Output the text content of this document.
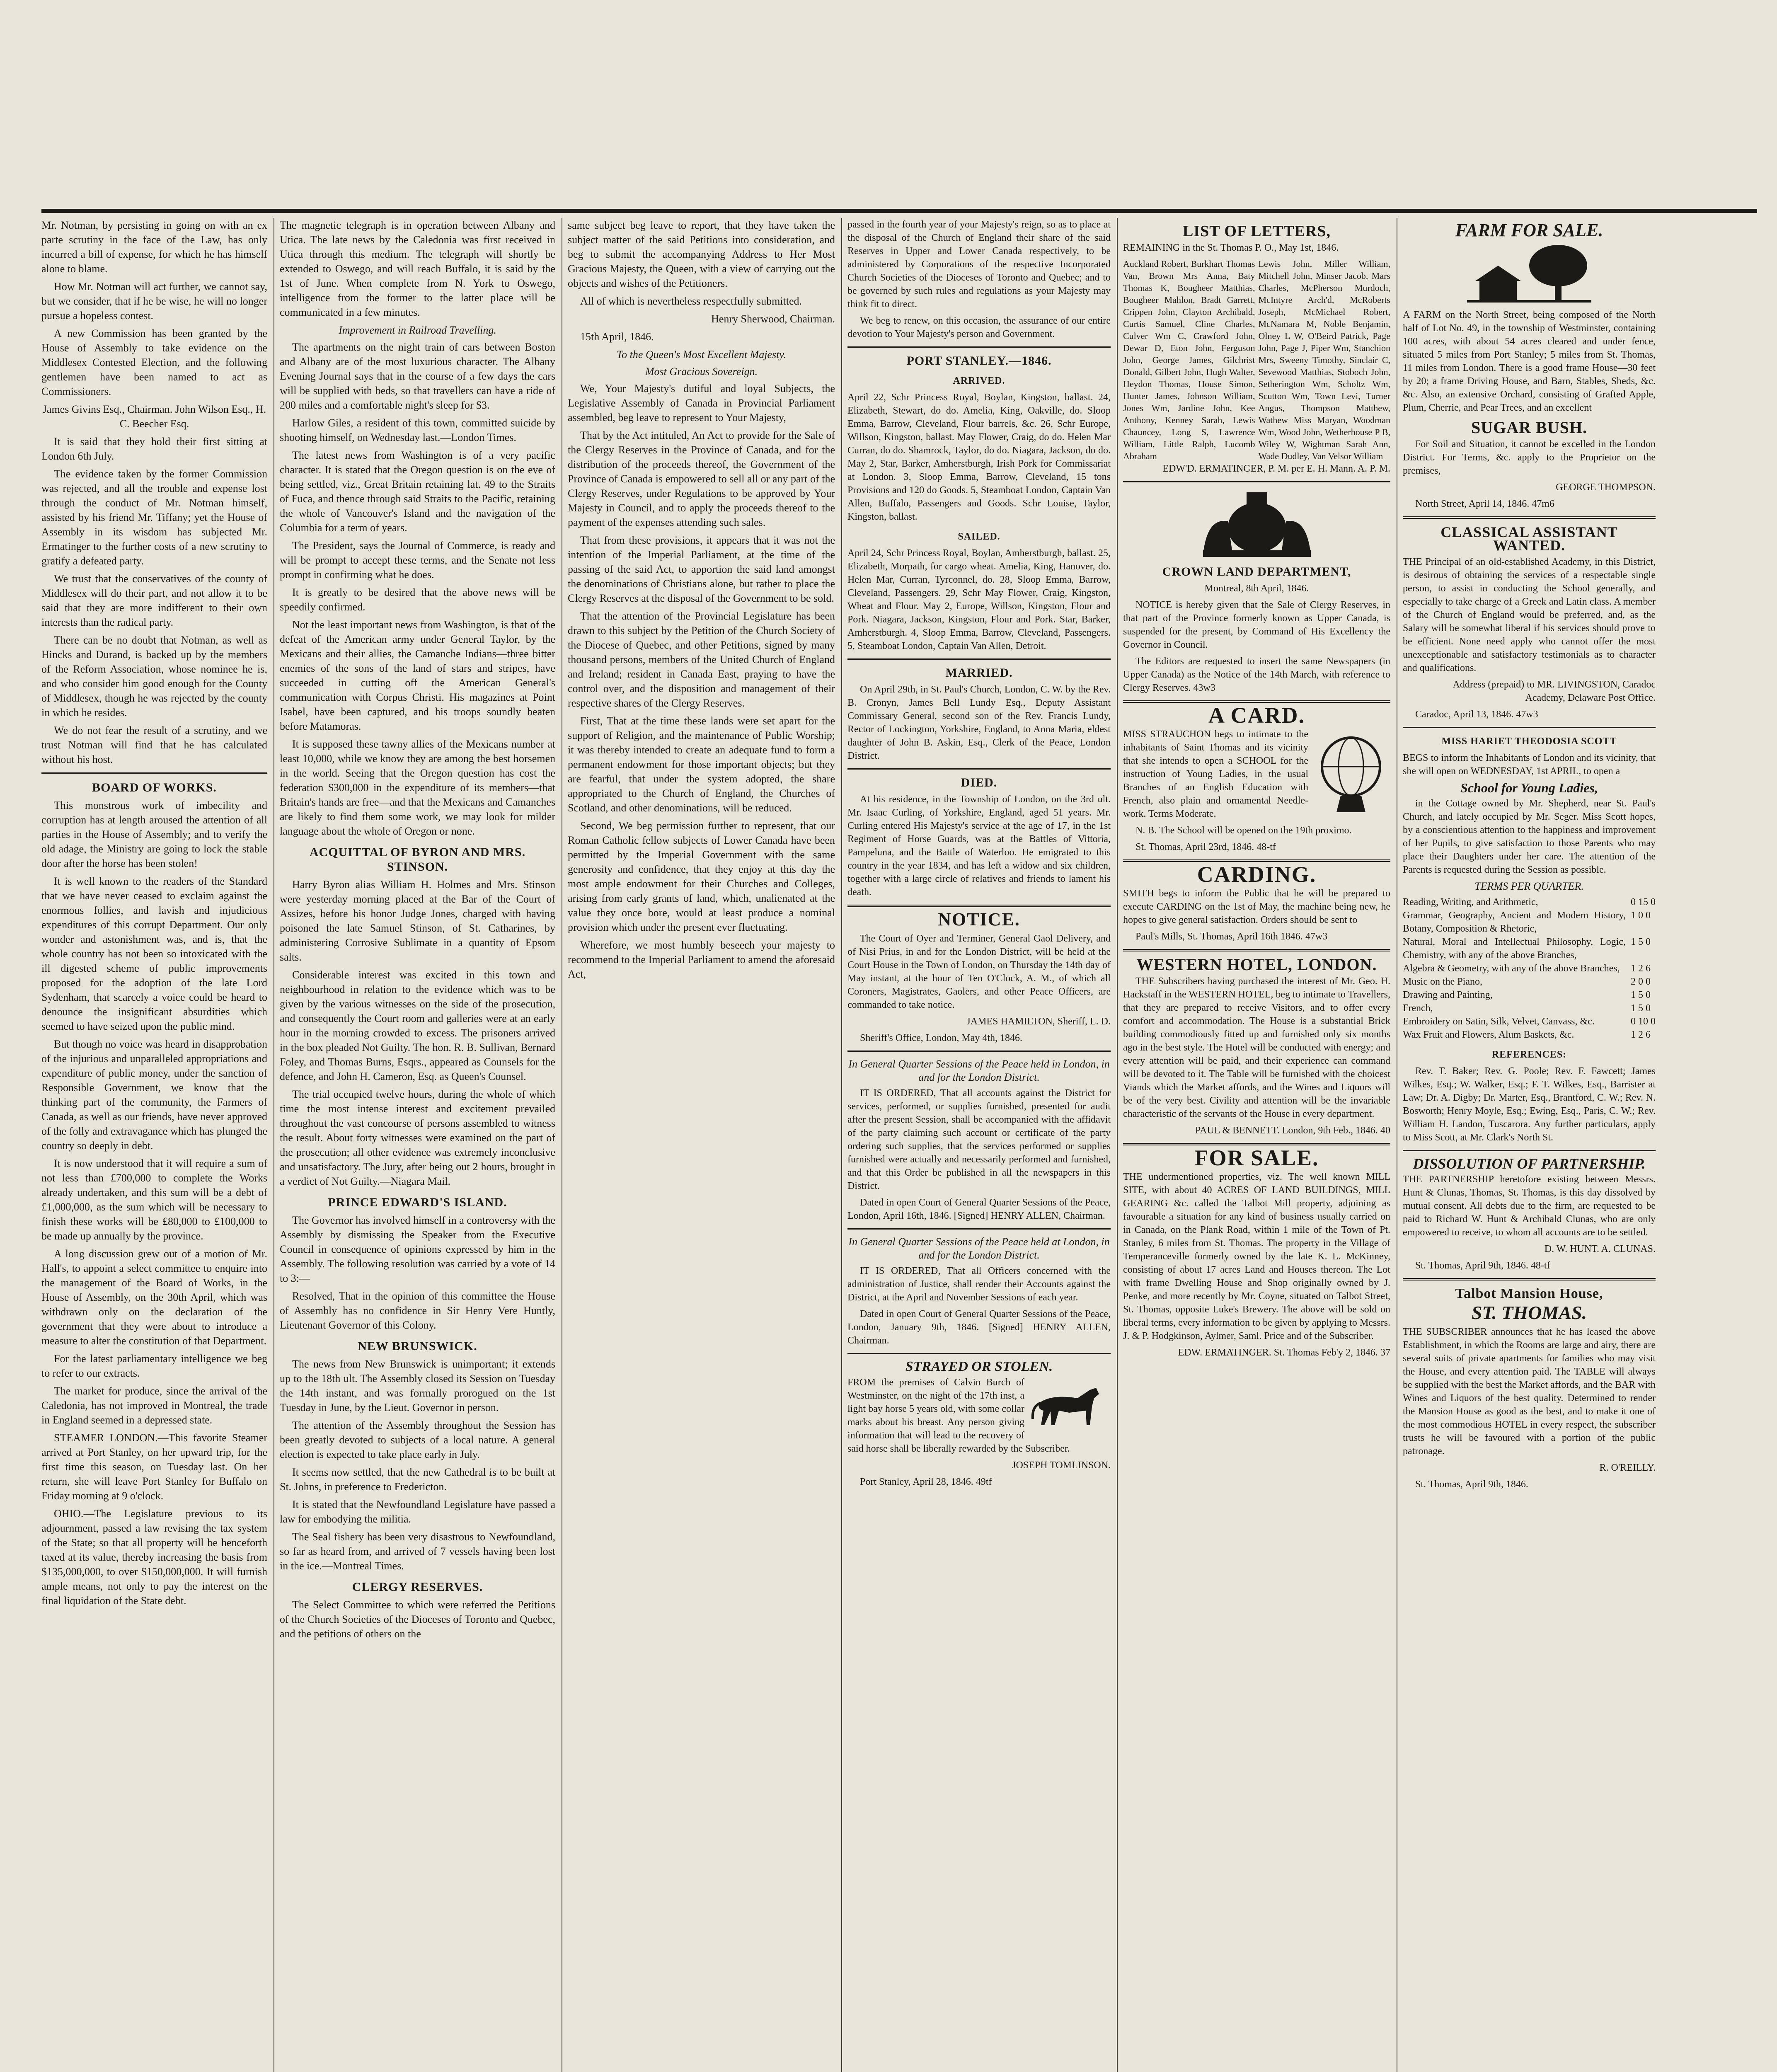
Mr. Notman, by persisting in going on with an ex parte scrutiny in the face of the Law, has only incurred a bill of expense, for which he has himself alone to blame.

How Mr. Notman will act further, we cannot say, but we consider, that if he be wise, he will no longer pursue a hopeless contest.

A new Commission has been granted by the House of Assembly to take evidence on the Middlesex Contested Election, and the following gentlemen have been named to act as Commissioners.

James Givins Esq., Chairman. John Wilson Esq., H. C. Beecher Esq.

It is said that they hold their first sitting at London 6th July.

The evidence taken by the former Commission was rejected, and all the trouble and expense lost through the conduct of Mr. Notman himself, assisted by his friend Mr. Tiffany; yet the House of Assembly in its wisdom has subjected Mr. Ermatinger to the further costs of a new scrutiny to gratify a defeated party.

We trust that the conservatives of the county of Middlesex will do their part, and not allow it to be said that they are more indifferent to their own interests than the radical party.

There can be no doubt that Notman, as well as Hincks and Durand, is backed up by the members of the Reform Association, whose nominee he is, and who consider him good enough for the County of Middlesex, though he was rejected by the county in which he resides.

We do not fear the result of a scrutiny, and we trust Notman will find that he has calculated without his host.

BOARD OF WORKS.

This monstrous work of imbecility and corruption has at length aroused the attention of all parties in the House of Assembly; and to verify the old adage, the Ministry are going to lock the stable door after the horse has been stolen!

It is well known to the readers of the Standard that we have never ceased to exclaim against the enormous follies, and lavish and injudicious expenditures of this corrupt Department. Our only wonder and astonishment was, and is, that the whole country has not been so intoxicated with the ill digested scheme of public improvements proposed for the adoption of the late Lord Sydenham, that scarcely a voice could be heard to denounce the insignificant absurdities which seemed to have seized upon the public mind.

But though no voice was heard in disapprobation of the injurious and unparalleled appropriations and expenditure of public money, under the sanction of Responsible Government, we know that the thinking part of the community, the Farmers of Canada, as well as our friends, have never approved of the folly and extravagance which has plunged the country so deeply in debt.

It is now understood that it will require a sum of not less than £700,000 to complete the Works already undertaken, and this sum will be a debt of £1,000,000, as the sum which will be necessary to finish these works will be £80,000 to £100,000 to be made up annually by the province.

A long discussion grew out of a motion of Mr. Hall's, to appoint a select committee to enquire into the management of the Board of Works, in the House of Assembly, on the 30th April, which was withdrawn only on the declaration of the government that they were about to introduce a measure to alter the constitution of that Department.

For the latest parliamentary intelligence we beg to refer to our extracts.

The market for produce, since the arrival of the Caledonia, has not improved in Montreal, the trade in England seemed in a depressed state.

STEAMER LONDON.—This favorite Steamer arrived at Port Stanley, on her upward trip, for the first time this season, on Tuesday last. On her return, she will leave Port Stanley for Buffalo on Friday morning at 9 o'clock.

OHIO.—The Legislature previous to its adjournment, passed a law revising the tax system of the State; so that all property will be henceforth taxed at its value, thereby increasing the basis from $135,000,000, to over $150,000,000. It will furnish ample means, not only to pay the interest on the final liquidation of the State debt.

The magnetic telegraph is in operation between Albany and Utica. The late news by the Caledonia was first received in Utica through this medium. The telegraph will shortly be extended to Oswego, and will reach Buffalo, it is said by the 1st of June. When complete from N. York to Oswego, intelligence from the former to the latter place will be communicated in a few minutes.

Improvement in Railroad Travelling.

The apartments on the night train of cars between Boston and Albany are of the most luxurious character. The Albany Evening Journal says that in the course of a few days the cars will be supplied with beds, so that travellers can have a ride of 200 miles and a comfortable night's sleep for $3.

Harlow Giles, a resident of this town, committed suicide by shooting himself, on Wednesday last.—London Times.

The latest news from Washington is of a very pacific character. It is stated that the Oregon question is on the eve of being settled, viz., Great Britain retaining lat. 49 to the Straits of Fuca, and thence through said Straits to the Pacific, retaining the whole of Vancouver's Island and the navigation of the Columbia for a term of years.

The President, says the Journal of Commerce, is ready and will be prompt to accept these terms, and the Senate not less prompt in confirming what he does.

It is greatly to be desired that the above news will be speedily confirmed.

Not the least important news from Washington, is that of the defeat of the American army under General Taylor, by the Mexicans and their allies, the Camanche Indians—three bitter enemies of the sons of the land of stars and stripes, have succeeded in cutting off the American General's communication with Corpus Christi. His magazines at Point Isabel, have been captured, and his troops soundly beaten before Matamoras.

It is supposed these tawny allies of the Mexicans number at least 10,000, while we know they are among the best horsemen in the world. Seeing that the Oregon question has cost the federation $300,000 in the expenditure of its members—that Britain's hands are free—and that the Mexicans and Camanches are likely to find them some work, we may look for milder language about the whole of Oregon or none.

ACQUITTAL OF BYRON AND MRS. STINSON.

Harry Byron alias William H. Holmes and Mrs. Stinson were yesterday morning placed at the Bar of the Court of Assizes, before his honor Judge Jones, charged with having poisoned the late Samuel Stinson, of St. Catharines, by administering Corrosive Sublimate in a quantity of Epsom salts.

Considerable interest was excited in this town and neighbourhood in relation to the evidence which was to be given by the various witnesses on the side of the prosecution, and consequently the Court room and galleries were at an early hour in the morning crowded to excess. The prisoners arrived in the box pleaded Not Guilty. The hon. R. B. Sullivan, Bernard Foley, and Thomas Burns, Esqrs., appeared as Counsels for the defence, and John H. Cameron, Esq. as Queen's Counsel.

The trial occupied twelve hours, during the whole of which time the most intense interest and excitement prevailed throughout the vast concourse of persons assembled to witness the result. About forty witnesses were examined on the part of the prosecution; all other evidence was extremely inconclusive and unsatisfactory. The Jury, after being out 2 hours, brought in a verdict of Not Guilty.—Niagara Mail.

PRINCE EDWARD'S ISLAND.

The Governor has involved himself in a controversy with the Assembly by dismissing the Speaker from the Executive Council in consequence of opinions expressed by him in the Assembly. The following resolution was carried by a vote of 14 to 3:—

Resolved, That in the opinion of this committee the House of Assembly has no confidence in Sir Henry Vere Huntly, Lieutenant Governor of this Colony.

NEW BRUNSWICK.

The news from New Brunswick is unimportant; it extends up to the 18th ult. The Assembly closed its Session on Tuesday the 14th instant, and was formally prorogued on the 1st Tuesday in June, by the Lieut. Governor in person.

The attention of the Assembly throughout the Session has been greatly devoted to subjects of a local nature. A general election is expected to take place early in July.

It seems now settled, that the new Cathedral is to be built at St. Johns, in preference to Fredericton.

It is stated that the Newfoundland Legislature have passed a law for embodying the militia.

The Seal fishery has been very disastrous to Newfoundland, so far as heard from, and arrived of 7 vessels having been lost in the ice.—Montreal Times.

CLERGY RESERVES.

The Select Committee to which were referred the Petitions of the Church Societies of the Dioceses of Toronto and Quebec, and the petitions of others on the

same subject beg leave to report, that they have taken the subject matter of the said Petitions into consideration, and beg to submit the accompanying Address to Her Most Gracious Majesty, the Queen, with a view of carrying out the objects and wishes of the Petitioners.

All of which is nevertheless respectfully submitted.

Henry Sherwood, Chairman.

15th April, 1846.

To the Queen's Most Excellent Majesty.
Most Gracious Sovereign.

We, Your Majesty's dutiful and loyal Subjects, the Legislative Assembly of Canada in Provincial Parliament assembled, beg leave to represent to Your Majesty,

That by the Act intituled, An Act to provide for the Sale of the Clergy Reserves in the Province of Canada, and for the distribution of the proceeds thereof, the Government of the Province of Canada is empowered to sell all or any part of the Clergy Reserves, under Regulations to be approved by Your Majesty in Council, and to apply the proceeds thereof to the payment of the expenses attending such sales.

That from these provisions, it appears that it was not the intention of the Imperial Parliament, at the time of the passing of the said Act, to apportion the said land amongst the denominations of Christians alone, but rather to place the Clergy Reserves at the disposal of the Government to be sold.

That the attention of the Provincial Legislature has been drawn to this subject by the Petition of the Church Society of the Diocese of Quebec, and other Petitions, signed by many thousand persons, members of the United Church of England and Ireland; resident in Canada East, praying to have the control over, and the disposition and management of their respective shares of the Clergy Reserves.

First, That at the time these lands were set apart for the support of Religion, and the maintenance of Public Worship; it was thereby intended to create an adequate fund to form a permanent endowment for those important objects; but they are fearful, that under the system adopted, the share appropriated to the Church of England, the Churches of Scotland, and other denominations, will be reduced.

Second, We beg permission further to represent, that our Roman Catholic fellow subjects of Lower Canada have been permitted by the Imperial Government with the same generosity and confidence, that they enjoy at this day the most ample endowment for their Churches and Colleges, arising from early grants of land, which, unalienated at the value they once bore, would at least produce a nominal provision which under the present ever fluctuating.

Wherefore, we most humbly beseech your majesty to recommend to the Imperial Parliament to amend the aforesaid Act,

passed in the fourth year of your Majesty's reign, so as to place at the disposal of the Church of England their share of the said Reserves in Upper and Lower Canada respectively, to be administered by Corporations of the respective Incorporated Church Societies of the Dioceses of Toronto and Quebec; and to be governed by such rules and regulations as your Majesty may think fit to direct.

We beg to renew, on this occasion, the assurance of our entire devotion to Your Majesty's person and Government.

PORT STANLEY.—1846.
ARRIVED.

April 22, Schr Princess Royal, Boylan, Kingston, ballast. 24, Elizabeth, Stewart, do do. Amelia, King, Oakville, do. Sloop Emma, Barrow, Cleveland, Flour barrels, &c. 26, Schr Europe, Willson, Kingston, ballast. May Flower, Craig, do do. Helen Mar Curran, do do. Shamrock, Taylor, do do. Niagara, Jackson, do do. May 2, Star, Barker, Amherstburgh, Irish Pork for Commissariat at London. 3, Sloop Emma, Barrow, Cleveland, 15 tons Provisions and 120 do Goods. 5, Steamboat London, Captain Van Allen, Buffalo, Passengers and Goods. Schr Louise, Taylor, Kingston, ballast.

SAILED.

April 24, Schr Princess Royal, Boylan, Amherstburgh, ballast. 25, Elizabeth, Morpath, for cargo wheat. Amelia, King, Hanover, do. Helen Mar, Curran, Tyrconnel, do. 28, Sloop Emma, Barrow, Cleveland, Passengers. 29, Schr May Flower, Craig, Kingston, Wheat and Flour. May 2, Europe, Willson, Kingston, Flour and Pork. Niagara, Jackson, Kingston, Flour and Pork. Star, Barker, Amherstburgh. 4, Sloop Emma, Barrow, Cleveland, Passengers. 5, Steamboat London, Captain Van Allen, Detroit.

MARRIED.

On April 29th, in St. Paul's Church, London, C. W. by the Rev. B. Cronyn, James Bell Lundy Esq., Deputy Assistant Commissary General, second son of the Rev. Francis Lundy, Rector of Lockington, Yorkshire, England, to Anna Maria, eldest daughter of John B. Askin, Esq., Clerk of the Peace, London District.

DIED.

At his residence, in the Township of London, on the 3rd ult. Mr. Isaac Curling, of Yorkshire, England, aged 51 years. Mr. Curling entered His Majesty's service at the age of 17, in the 1st Regiment of Horse Guards, was at the Battles of Vittoria, Pampeluna, and the Battle of Waterloo. He emigrated to this country in the year 1834, and has left a widow and six children, together with a large circle of relatives and friends to lament his death.

NOTICE.

The Court of Oyer and Terminer, General Gaol Delivery, and of Nisi Prius, in and for the London District, will be held at the Court House in the Town of London, on Thursday the 14th day of May instant, at the hour of Ten O'Clock, A. M., of which all Coroners, Magistrates, Gaolers, and other Peace Officers, are commanded to take notice.

JAMES HAMILTON, Sheriff, L. D.

Sheriff's Office, London, May 4th, 1846.

In General Quarter Sessions of the Peace held in London, in and for the London District.

IT IS ORDERED, That all accounts against the District for services, performed, or supplies furnished, presented for audit after the present Session, shall be accompanied with the affidavit of the party claiming such account or certificate of the party ordering such supplies, that the services performed or supplies furnished were actually and necessarily performed and furnished, and that this Order be published in all the newspapers in this District.

Dated in open Court of General Quarter Sessions of the Peace, London, April 16th, 1846. [Signed] HENRY ALLEN, Chairman.

In General Quarter Sessions of the Peace held at London, in and for the London District.

IT IS ORDERED, That all Officers concerned with the administration of Justice, shall render their Accounts against the District, at the April and November Sessions of each year.

Dated in open Court of General Quarter Sessions of the Peace, London, January 9th, 1846. [Signed] HENRY ALLEN, Chairman.

STRAYED OR STOLEN.

FROM the premises of Calvin Burch of Westminster, on the night of the 17th inst, a light bay horse 5 years old, with some collar marks about his breast. Any person giving information that will lead to the recovery of said horse shall be liberally rewarded by the Subscriber.

JOSEPH TOMLINSON.

Port Stanley, April 28, 1846. 49tf

LIST OF LETTERS,

REMAINING in the St. Thomas P. O., May 1st, 1846.

Auckland Robert, Burkhart Thomas Van, Brown Mrs Anna, Baty Thomas K, Bougheer Matthias, Bougheer Mahlon, Bradt Garrett, Crippen John, Clayton Archibald, Curtis Samuel, Cline Charles, Culver Wm C, Crawford John, Dewar D, Eton John, Ferguson John, George James, Gilchrist Donald, Gilbert John, Hugh Walter, Heydon Thomas, House Simon, Hunter James, Johnson William, Jones Wm, Jardine John, Kee Anthony, Kenney Sarah, Lewis Chauncey, Long S, Lawrence William, Little Ralph, Lucomb Abraham
Lewis John, Miller William, Mitchell John, Minser Jacob, Mars Charles, McPherson Murdoch, McIntyre Arch'd, McRoberts Joseph, McMichael Robert, McNamara M, Noble Benjamin, Olney L W, O'Beird Patrick, Page John, Page J, Piper Wm, Stanchion Mrs, Sweeny Timothy, Sinclair C, Sevewood Matthias, Stoboch John, Setherington Wm, Scholtz Wm, Scutton Wm, Town Levi, Turner Angus, Thompson Matthew, Wathew Miss Maryan, Woodman Wm, Wood John, Wetherhouse P B, Wiley W, Wightman Sarah Ann, Wade Dudley, Van Velsor William

EDW'D. ERMATINGER, P. M. per E. H. Mann. A. P. M.

CROWN LAND DEPARTMENT,

Montreal, 8th April, 1846.

NOTICE is hereby given that the Sale of Clergy Reserves, in that part of the Province formerly known as Upper Canada, is suspended for the present, by Command of His Excellency the Governor in Council.

The Editors are requested to insert the same Newspapers (in Upper Canada) as the Notice of the 14th March, with reference to Clergy Reserves. 43w3

A CARD.

MISS STRAUCHON begs to intimate to the inhabitants of Saint Thomas and its vicinity that she intends to open a SCHOOL for the instruction of Young Ladies, in the usual Branches of an English Education with French, also plain and ornamental Needle-work. Terms Moderate.

N. B. The School will be opened on the 19th proximo.

St. Thomas, April 23rd, 1846. 48-tf

CARDING.

SMITH begs to inform the Public that he will be prepared to execute CARDING on the 1st of May, the machine being new, he hopes to give general satisfaction. Orders should be sent to

Paul's Mills, St. Thomas, April 16th 1846. 47w3

WESTERN HOTEL, LONDON.

THE Subscribers having purchased the interest of Mr. Geo. H. Hackstaff in the WESTERN HOTEL, beg to intimate to Travellers, that they are prepared to receive Visitors, and to offer every comfort and accommodation. The House is a substantial Brick building commodiously fitted up and furnished only six months ago in the best style. The Hotel will be conducted with energy; and every attention will be paid, and their experience can command will be devoted to it. The Table will be furnished with the choicest Viands which the Market affords, and the Wines and Liquors will be of the very best. Civility and attention will be the invariable characteristic of the servants of the House in every department.

PAUL & BENNETT. London, 9th Feb., 1846. 40

FOR SALE.

THE undermentioned properties, viz. The well known MILL SITE, with about 40 ACRES OF LAND BUILDINGS, MILL GEARING &c. called the Talbot Mill property, adjoining as favourable a situation for any kind of business usually carried on in Canada, on the Plank Road, within 1 mile of the Town of Pt. Stanley, 6 miles from St. Thomas. The property in the Village of Temperanceville formerly owned by the late K. L. McKinney, consisting of about 17 acres Land and Houses thereon. The Lot with frame Dwelling House and Shop originally owned by J. Penke, and more recently by Mr. Coyne, situated on Talbot Street, St. Thomas, opposite Luke's Brewery. The above will be sold on liberal terms, every information to be given by applying to Messrs. J. & P. Hodgkinson, Aylmer, Saml. Price and of the Subscriber.

EDW. ERMATINGER. St. Thomas Feb'y 2, 1846. 37

FARM FOR SALE.

A FARM on the North Street, being composed of the North half of Lot No. 49, in the township of Westminster, containing 100 acres, with about 54 acres cleared and under fence, situated 5 miles from Port Stanley; 5 miles from St. Thomas, 11 miles from London. There is a good frame House—30 feet by 20; a frame Driving House, and Barn, Stables, Sheds, &c. &c. Also, an extensive Orchard, consisting of Grafted Apple, Plum, Cherrie, and Pear Trees, and an excellent

SUGAR BUSH.

For Soil and Situation, it cannot be excelled in the London District. For Terms, &c. apply to the Proprietor on the premises,

GEORGE THOMPSON.

North Street, April 14, 1846. 47m6

CLASSICAL ASSISTANT WANTED.

THE Principal of an old-established Academy, in this District, is desirous of obtaining the services of a respectable single person, to assist in conducting the School generally, and especially to take charge of a Greek and Latin class. A member of the Church of England would be preferred, and, as the Salary will be somewhat liberal if his services should prove to be efficient. None need apply who cannot offer the most unexceptionable and satisfactory testimonials as to character and qualifications.

Address (prepaid) to MR. LIVINGSTON, Caradoc Academy, Delaware Post Office.

Caradoc, April 13, 1846. 47w3

MISS HARIET THEODOSIA SCOTT

BEGS to inform the Inhabitants of London and its vicinity, that she will open on WEDNESDAY, 1st APRIL, to open a

School for Young Ladies,

in the Cottage owned by Mr. Shepherd, near St. Paul's Church, and lately occupied by Mr. Seger. Miss Scott hopes, by a conscientious attention to the happiness and improvement of her Pupils, to give satisfaction to those Parents who may place their Daughters under her care. The attention of the Parents is requested during the Session as possible.

TERMS PER QUARTER.
Reading, Writing, and Arithmetic,	0 15 0
Grammar, Geography, Ancient and Modern History, Botany, Composition & Rhetoric,
1 0 0
Natural, Moral and Intellectual Philosophy, Logic, Chemistry, with any of the above Branches,
1 5 0
Algebra & Geometry, with any of the above Branches,	1 2 6
Music on the Piano,	2 0 0
Drawing and Painting,	1 5 0
French,	1 5 0
Embroidery on Satin, Silk, Velvet, Canvass, &c.	0 10 0
Wax Fruit and Flowers, Alum Baskets, &c.	1 2 6
REFERENCES:

Rev. T. Baker; Rev. G. Poole; Rev. F. Fawcett; James Wilkes, Esq.; W. Walker, Esq.; F. T. Wilkes, Esq., Barrister at Law; Dr. A. Digby; Dr. Marter, Esq., Brantford, C. W.; Rev. N. Bosworth; Henry Moyle, Esq.; Ewing, Esq., Paris, C. W.; Rev. William H. Landon, Tuscarora. Any further particulars, apply to Miss Scott, at Mr. Clark's North St.

DISSOLUTION OF PARTNERSHIP.

THE PARTNERSHIP heretofore existing between Messrs. Hunt & Clunas, Thomas, St. Thomas, is this day dissolved by mutual consent. All debts due to the firm, are requested to be paid to Richard W. Hunt & Archibald Clunas, who are only empowered to receive, to whom all accounts are to be settled.

D. W. HUNT. A. CLUNAS.

St. Thomas, April 9th, 1846. 48-tf

Talbot Mansion House,
ST. THOMAS.

THE SUBSCRIBER announces that he has leased the above Establishment, in which the Rooms are large and airy, there are several suits of private apartments for families who may visit the House, and every attention paid. The TABLE will always be supplied with the best the Market affords, and the BAR with Wines and Liquors of the best quality. Determined to render the Mansion House as good as the best, and to make it one of the most commodious HOTEL in every respect, the subscriber trusts he will be favoured with a portion of the public patronage.

R. O'REILLY.

St. Thomas, April 9th, 1846.
